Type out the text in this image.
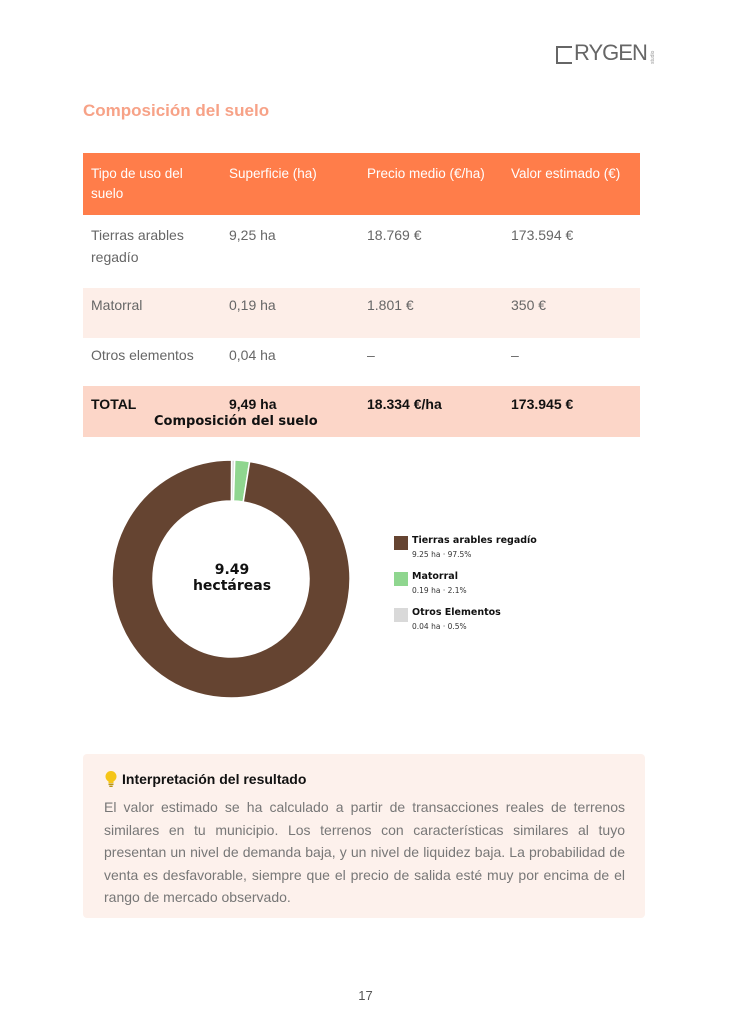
RYGEN studio
Composición del suelo
Tipo de uso del suelo	Superficie (ha)	Precio medio (€/ha)	Valor estimado (€)
Tierras arables regadío	9,25 ha	18.769 €	173.594 €
Matorral	0,19 ha	1.801 €	350 €
Otros elementos	0,04 ha	–	–
TOTAL	9,49 ha	18.334 €/ha	173.945 €
Composición del suelo
9.49
hectáreas
Tierras arables regadío
9.25 ha · 97.5%
Matorral
0.19 ha · 2.1%
Otros Elementos
0.04 ha · 0.5%
Interpretación del resultado
El valor estimado se ha calculado a partir de transacciones reales de terrenos similares en tu municipio. Los terrenos con características similares al tuyo presentan un nivel de demanda baja, y un nivel de liquidez baja. La probabilidad de venta es desfavorable, siempre que el precio de salida esté muy por encima de el rango de mercado observado.
17
